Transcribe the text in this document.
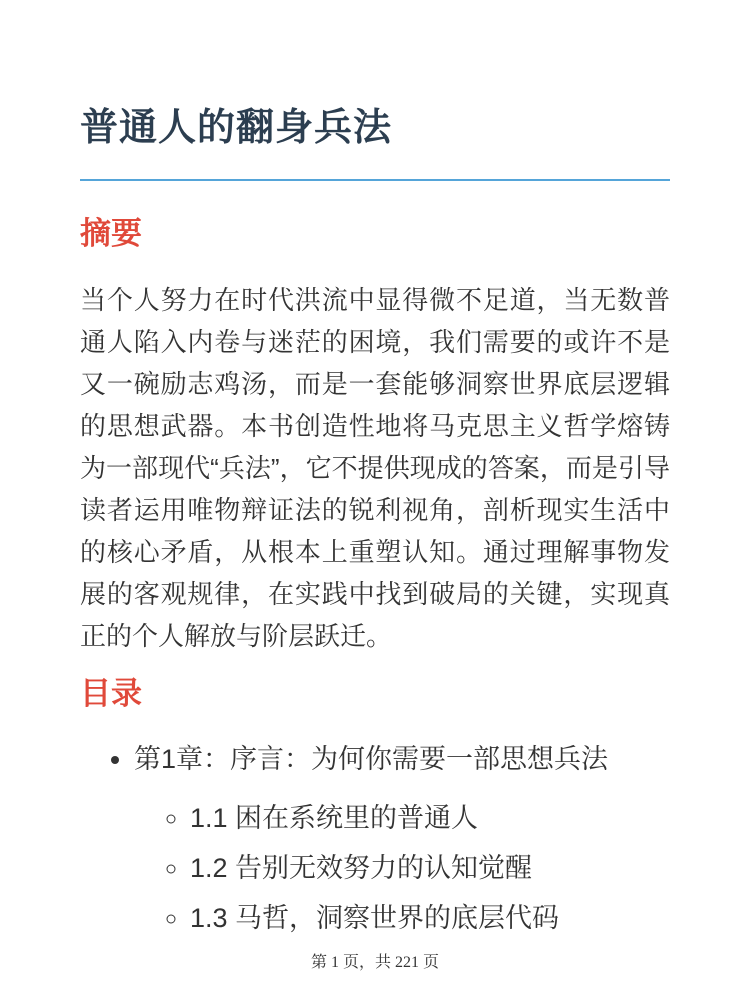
普通人的翻身兵法
摘要

当个人努力在时代洪流中显得微不足道，当无数普通人陷入内卷与迷茫的困境，我们需要的或许不是又一碗励志鸡汤，而是一套能够洞察世界底层逻辑的思想武器。本书创造性地将马克思主义哲学熔铸为一部现代“兵法”，它不提供现成的答案，而是引导读者运用唯物辩证法的锐利视角，剖析现实生活中的核心矛盾，从根本上重塑认知。通过理解事物发展的客观规律，在实践中找到破局的关键，实现真正的个人解放与阶层跃迁。

目录
• 第1章：序言：为何你需要一部思想兵法
◦ 1.1 困在系统里的普通人
◦ 1.2 告别无效努力的认知觉醒
◦ 1.3 马哲，洞察世界的底层代码
第 1 页，共 221 页
